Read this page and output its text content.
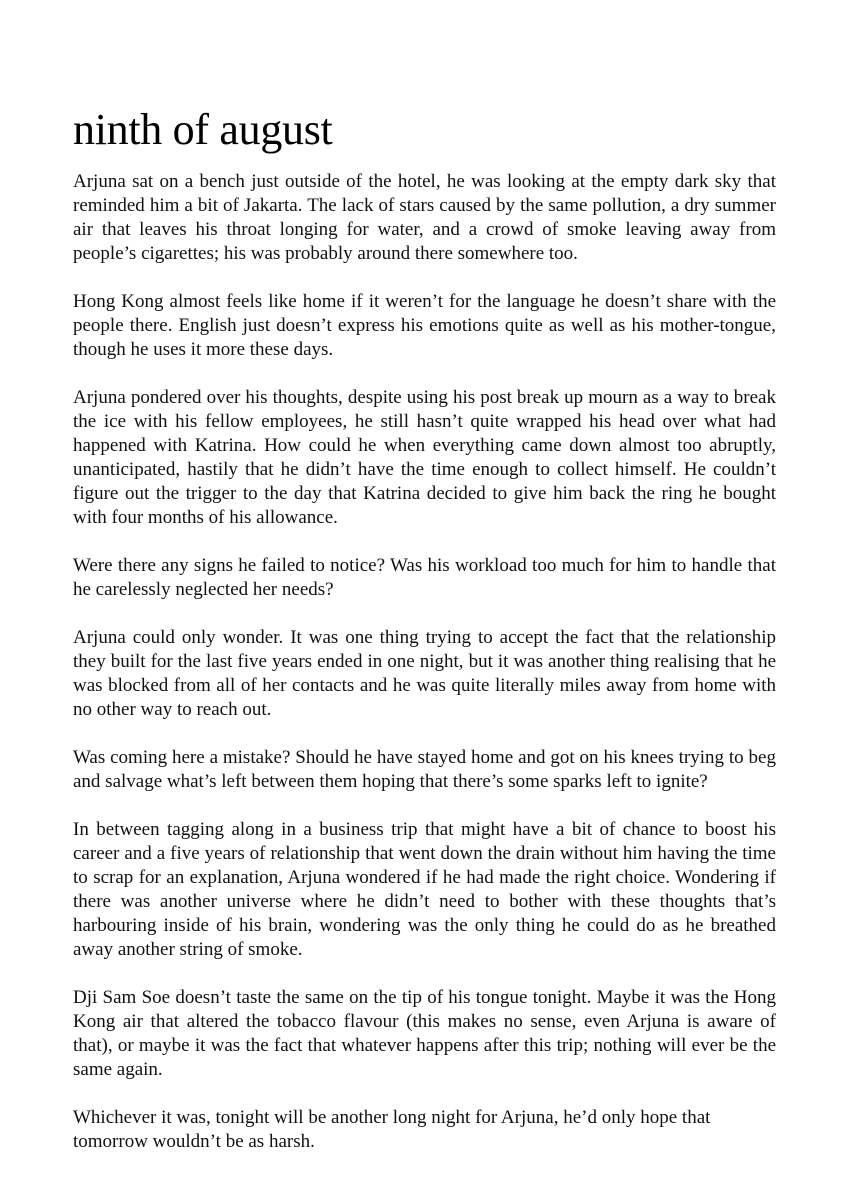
ninth of august

Arjuna sat on a bench just outside of the hotel, he was looking at the empty dark sky that reminded him a bit of Jakarta. The lack of stars caused by the same pollution, a dry summer air that leaves his throat longing for water, and a crowd of smoke leaving away from people’s cigarettes; his was probably around there somewhere too.

Hong Kong almost feels like home if it weren’t for the language he doesn’t share with the people there. English just doesn’t express his emotions quite as well as his mother-tongue, though he uses it more these days.

Arjuna pondered over his thoughts, despite using his post break up mourn as a way to break the ice with his fellow employees, he still hasn’t quite wrapped his head over what had happened with Katrina. How could he when everything came down almost too abruptly, unanticipated, hastily that he didn’t have the time enough to collect himself. He couldn’t figure out the trigger to the day that Katrina decided to give him back the ring he bought with four months of his allowance.

Were there any signs he failed to notice? Was his workload too much for him to handle that he carelessly neglected her needs?

Arjuna could only wonder. It was one thing trying to accept the fact that the relationship they built for the last five years ended in one night, but it was another thing realising that he was blocked from all of her contacts and he was quite literally miles away from home with no other way to reach out.

Was coming here a mistake? Should he have stayed home and got on his knees trying to beg and salvage what’s left between them hoping that there’s some sparks left to ignite?

In between tagging along in a business trip that might have a bit of chance to boost his career and a five years of relationship that went down the drain without him having the time to scrap for an explanation, Arjuna wondered if he had made the right choice. Wondering if there was another universe where he didn’t need to bother with these thoughts that’s harbouring inside of his brain, wondering was the only thing he could do as he breathed away another string of smoke.

Dji Sam Soe doesn’t taste the same on the tip of his tongue tonight. Maybe it was the Hong Kong air that altered the tobacco flavour (this makes no sense, even Arjuna is aware of that), or maybe it was the fact that whatever happens after this trip; nothing will ever be the same again.

Whichever it was, tonight will be another long night for Arjuna, he’d only hope that tomorrow wouldn’t be as harsh.
